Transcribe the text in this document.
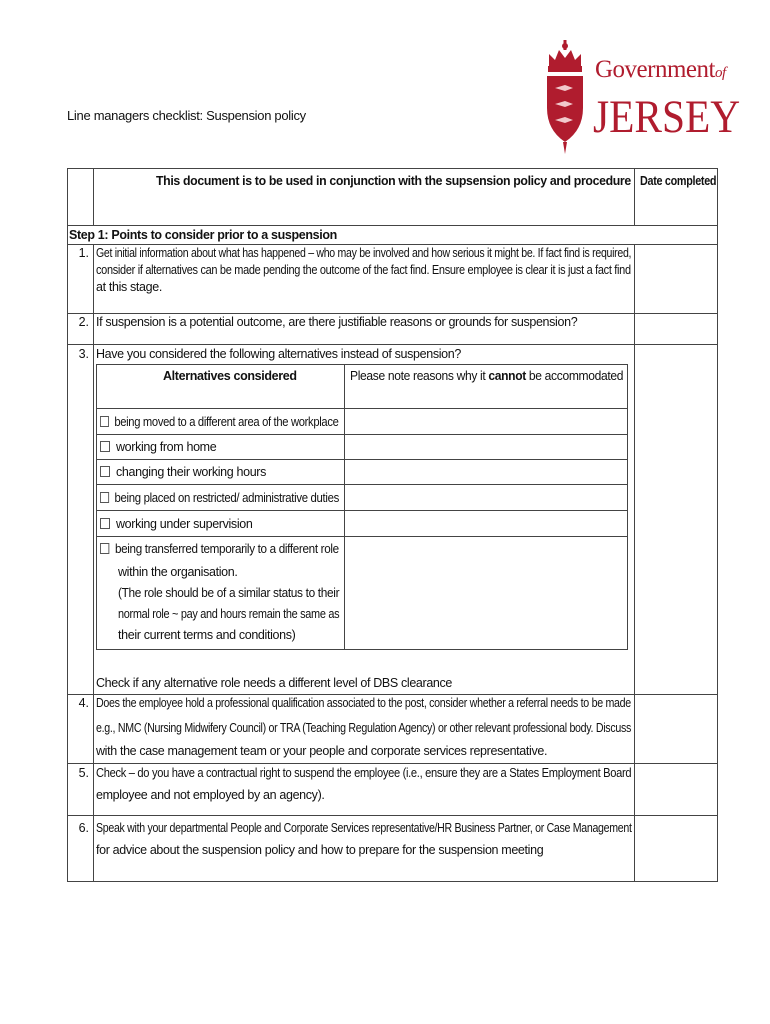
Line managers checklist: Suspension policy
Governmentof
JERSEY
This document is to be used in conjunction with the supsension policy and procedure Date completed
Step 1: Points to consider prior to a suspension
1. Get initial information about what has happened – who may be involved and how serious it might be. If fact find is required,
consider if alternatives can be made pending the outcome of the fact find. Ensure employee is clear it is just a fact find
at this stage.
2. If suspension is a potential outcome, are there justifiable reasons or grounds for suspension?
3. Have you considered the following alternatives instead of suspension?
Alternatives considered	Please note reasons why it cannot be accommodated
being moved to a different area of the workplace
working from home
changing their working hours
being placed on restricted/ administrative duties
working under supervision
being transferred temporarily to a different role
within the organisation.
(The role should be of a similar status to their
normal role ~ pay and hours remain the same as
their current terms and conditions)
Check if any alternative role needs a different level of DBS clearance
4. Does the employee hold a professional qualification associated to the post, consider whether a referral needs to be made
e.g., NMC (Nursing Midwifery Council) or TRA (Teaching Regulation Agency) or other relevant professional body. Discuss
with the case management team or your people and corporate services representative.
5. Check – do you have a contractual right to suspend the employee (i.e., ensure they are a States Employment Board
employee and not employed by an agency).
6. Speak with your departmental People and Corporate Services representative/HR Business Partner, or Case Management
for advice about the suspension policy and how to prepare for the suspension meeting
